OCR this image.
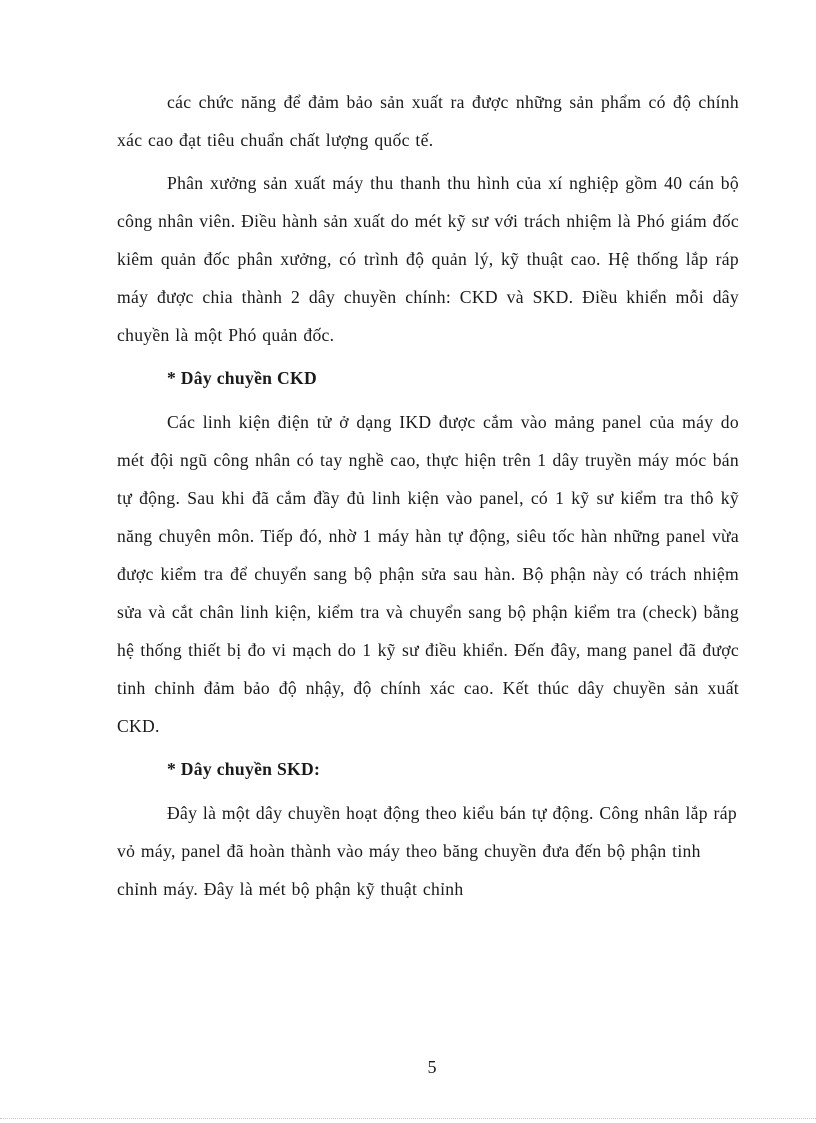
các chức năng để đảm bảo sản xuất ra được những sản phẩm có độ chính xác cao đạt tiêu chuẩn chất lượng quốc tế.

Phân xưởng sản xuất máy thu thanh thu hình của xí nghiệp gồm 40 cán bộ công nhân viên. Điều hành sản xuất do mét kỹ sư với trách nhiệm là Phó giám đốc kiêm quản đốc phân xưởng, có trình độ quản lý, kỹ thuật cao. Hệ thống lắp ráp máy được chia thành 2 dây chuyền chính: CKD và SKD. Điều khiển mỗi dây chuyền là một Phó quản đốc.

* Dây chuyền CKD

Các linh kiện điện tử ở dạng IKD được cắm vào mảng panel của máy do mét đội ngũ công nhân có tay nghề cao, thực hiện trên 1 dây truyền máy móc bán tự động. Sau khi đã cắm đầy đủ linh kiện vào panel, có 1 kỹ sư kiểm tra thô kỹ năng chuyên môn. Tiếp đó, nhờ 1 máy hàn tự động, siêu tốc hàn những panel vừa được kiểm tra để chuyển sang bộ phận sửa sau hàn. Bộ phận này có trách nhiệm sửa và cắt chân linh kiện, kiểm tra và chuyển sang bộ phận kiểm tra (check) bằng hệ thống thiết bị đo vi mạch do 1 kỹ sư điều khiển. Đến đây, mang panel đã được tinh chỉnh đảm bảo độ nhậy, độ chính xác cao. Kết thúc dây chuyền sản xuất CKD.

* Dây chuyền SKD:

Đây là một dây chuyền hoạt động theo kiểu bán tự động. Công nhân lắp ráp vỏ máy, panel đã hoàn thành vào máy theo băng chuyền đưa đến bộ phận tinh chỉnh máy. Đây là mét bộ phận kỹ thuật chỉnh

5
